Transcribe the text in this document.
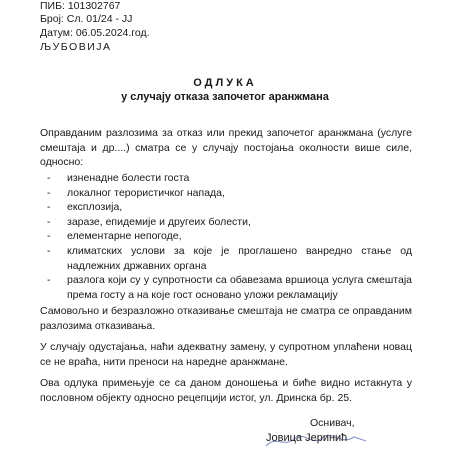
ПИБ: 101302767
Број: Сл. 01/24 - JJ
Датум: 06.05.2024.год.
ЉУБОВИЈА
ОДЛУКА
у случају отказа започетог аранжмана

Оправданим разлозима за отказ или прекид започетог аранжмана (услуге смештаја и др....) сматра се у случају постојања околности више силе, односно:

- изненадне болести госта
- локалног терористичког напада,
- експлозија,
- заразе, епидемије и другеих болести,
- елементарне непогоде,
- климатских услови за које је проглашено ванредно стање од надлежних државних органа
- разлога који су у супротности са обавезама вршиоца услуга смештаја према госту а на које гост основано уложи рекламацију

Самовољно и безразложно отказивање смештаја не сматра се оправданим разлозима отказивања.

У случају одустајања, наћи адекватну замену, у супротном уплаћени новац се не враћа, нити преноси на наредне аранжмане.

Ова одлука примењује се са даном доношења и биће видно истакнута у пословном објекту односно рецепцији истог, ул. Дринска бр. 25.

Оснивач,
Јовица Јеринић
